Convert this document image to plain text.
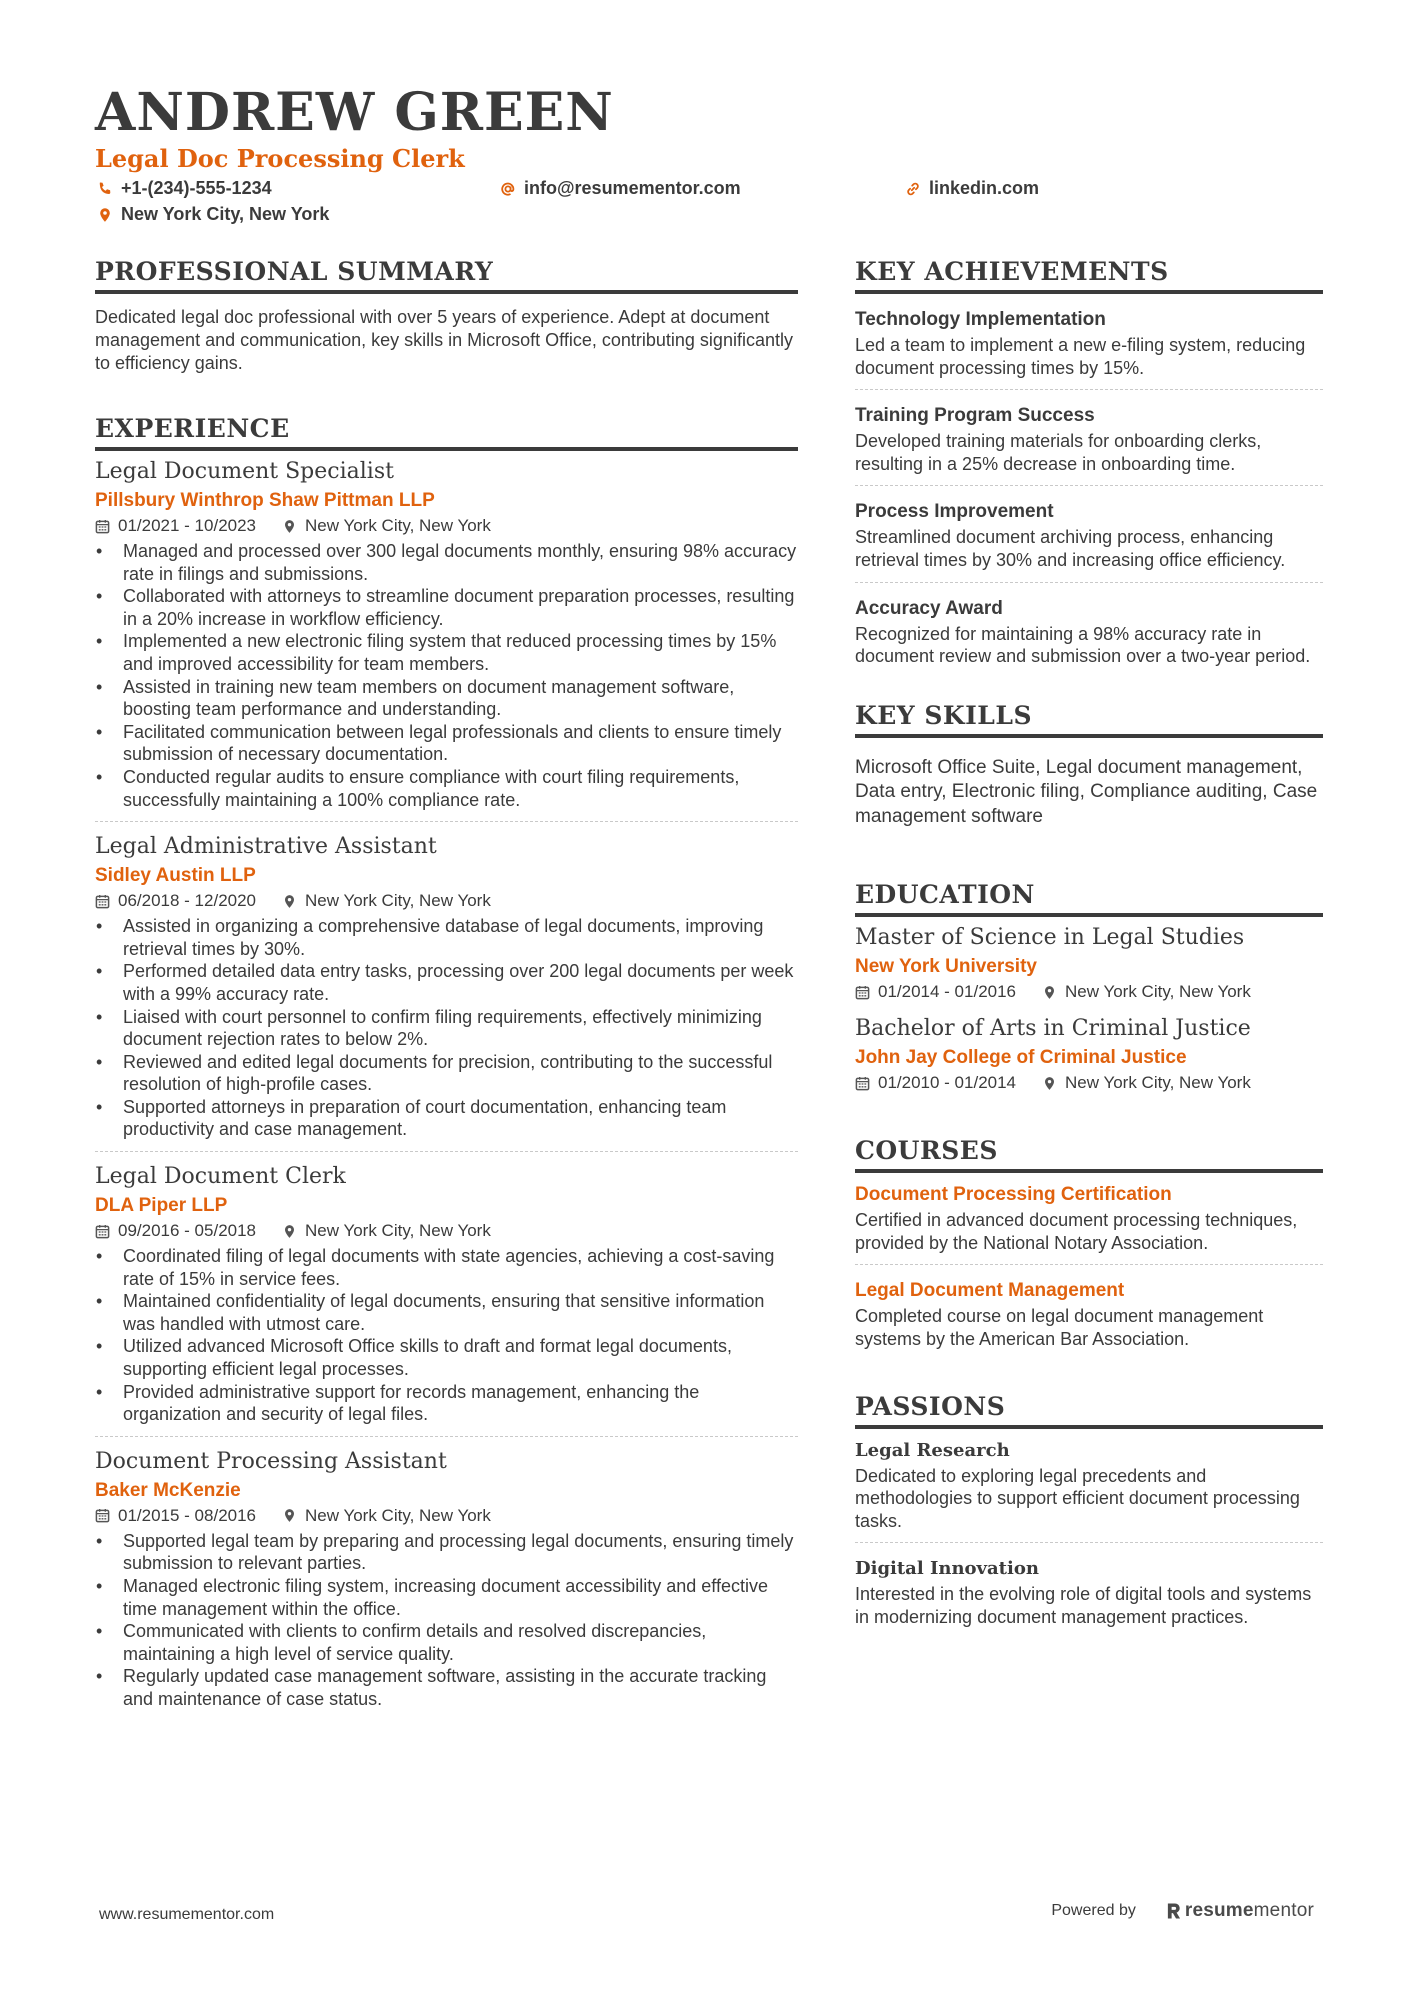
ANDREW GREEN
Legal Doc Processing Clerk
+1-(234)-555-1234	info@resumementor.com	linkedin.com
New York City, New York
PROFESSIONAL SUMMARY
Dedicated legal doc professional with over 5 years of experience. Adept at document management and communication, key skills in Microsoft Office, contributing significantly to efficiency gains.
EXPERIENCE
Legal Document Specialist
Pillsbury Winthrop Shaw Pittman LLP
01/2021 - 10/2023	New York City, New York
• Managed and processed over 300 legal documents monthly, ensuring 98% accuracy rate in filings and submissions.
• Collaborated with attorneys to streamline document preparation processes, resulting in a 20% increase in workflow efficiency.
• Implemented a new electronic filing system that reduced processing times by 15% and improved accessibility for team members.
• Assisted in training new team members on document management software, boosting team performance and understanding.
• Facilitated communication between legal professionals and clients to ensure timely submission of necessary documentation.
• Conducted regular audits to ensure compliance with court filing requirements, successfully maintaining a 100% compliance rate.
Legal Administrative Assistant
Sidley Austin LLP
06/2018 - 12/2020	New York City, New York
• Assisted in organizing a comprehensive database of legal documents, improving retrieval times by 30%.
• Performed detailed data entry tasks, processing over 200 legal documents per week with a 99% accuracy rate.
• Liaised with court personnel to confirm filing requirements, effectively minimizing document rejection rates to below 2%.
• Reviewed and edited legal documents for precision, contributing to the successful resolution of high-profile cases.
• Supported attorneys in preparation of court documentation, enhancing team productivity and case management.
Legal Document Clerk
DLA Piper LLP
09/2016 - 05/2018	New York City, New York
• Coordinated filing of legal documents with state agencies, achieving a cost-saving rate of 15% in service fees.
• Maintained confidentiality of legal documents, ensuring that sensitive information was handled with utmost care.
• Utilized advanced Microsoft Office skills to draft and format legal documents, supporting efficient legal processes.
• Provided administrative support for records management, enhancing the organization and security of legal files.
Document Processing Assistant
Baker McKenzie
01/2015 - 08/2016	New York City, New York
• Supported legal team by preparing and processing legal documents, ensuring timely submission to relevant parties.
• Managed electronic filing system, increasing document accessibility and effective time management within the office.
• Communicated with clients to confirm details and resolved discrepancies, maintaining a high level of service quality.
• Regularly updated case management software, assisting in the accurate tracking and maintenance of case status.
KEY ACHIEVEMENTS
Technology Implementation
Led a team to implement a new e-filing system, reducing document processing times by 15%.
Training Program Success
Developed training materials for onboarding clerks, resulting in a 25% decrease in onboarding time.
Process Improvement
Streamlined document archiving process, enhancing retrieval times by 30% and increasing office efficiency.
Accuracy Award
Recognized for maintaining a 98% accuracy rate in document review and submission over a two-year period.
KEY SKILLS
Microsoft Office Suite, Legal document management, Data entry, Electronic filing, Compliance auditing, Case management software
EDUCATION
Master of Science in Legal Studies
New York University
01/2014 - 01/2016	New York City, New York
Bachelor of Arts in Criminal Justice
John Jay College of Criminal Justice
01/2010 - 01/2014	New York City, New York
COURSES
Document Processing Certification
Certified in advanced document processing techniques, provided by the National Notary Association.
Legal Document Management
Completed course on legal document management systems by the American Bar Association.
PASSIONS
Legal Research
Dedicated to exploring legal precedents and methodologies to support efficient document processing tasks.
Digital Innovation
Interested in the evolving role of digital tools and systems in modernizing document management practices.
www.resumementor.com	Powered by	resume mentor
